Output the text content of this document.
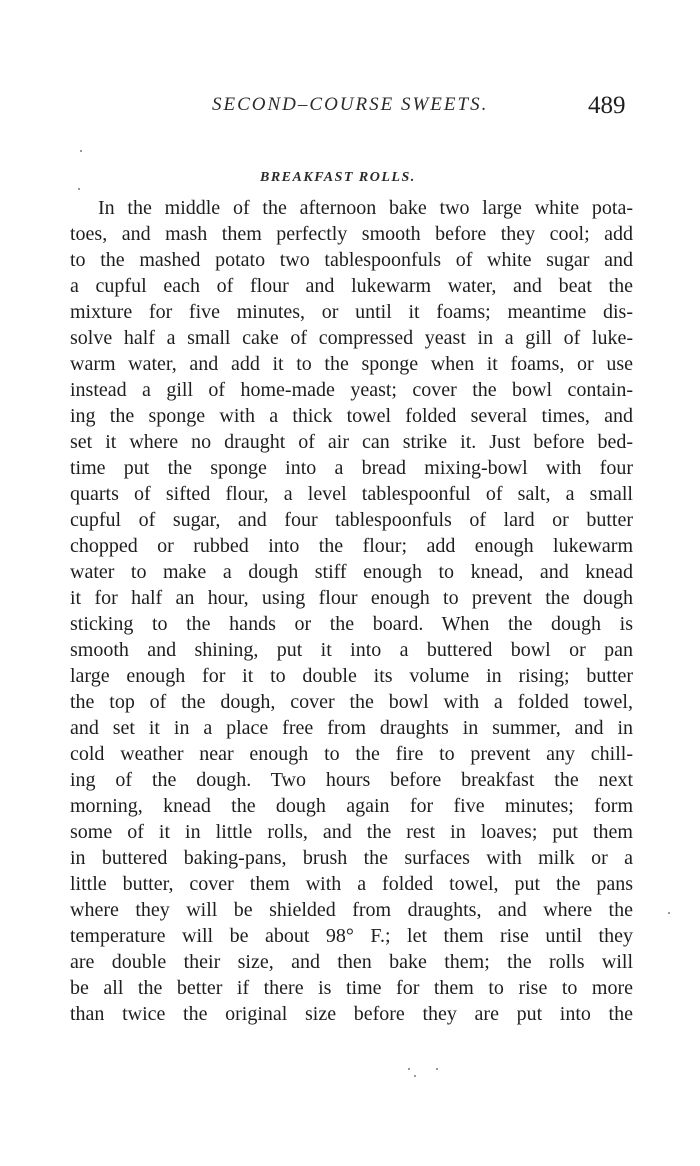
SECOND–COURSE SWEETS.	489
BREAKFAST ROLLS.
In the middle of the afternoon bake two large white pota-
toes, and mash them perfectly smooth before they cool; add
to the mashed potato two tablespoonfuls of white sugar and
a cupful each of flour and lukewarm water, and beat the
mixture for five minutes, or until it foams; meantime dis-
solve half a small cake of compressed yeast in a gill of luke-
warm water, and add it to the sponge when it foams, or use
instead a gill of home-made yeast; cover the bowl contain-
ing the sponge with a thick towel folded several times, and
set it where no draught of air can strike it. Just before bed-
time put the sponge into a bread mixing-bowl with four
quarts of sifted flour, a level tablespoonful of salt, a small
cupful of sugar, and four tablespoonfuls of lard or butter
chopped or rubbed into the flour; add enough lukewarm
water to make a dough stiff enough to knead, and knead
it for half an hour, using flour enough to prevent the dough
sticking to the hands or the board. When the dough is
smooth and shining, put it into a buttered bowl or pan
large enough for it to double its volume in rising; butter
the top of the dough, cover the bowl with a folded towel,
and set it in a place free from draughts in summer, and in
cold weather near enough to the fire to prevent any chill-
ing of the dough. Two hours before breakfast the next
morning, knead the dough again for five minutes; form
some of it in little rolls, and the rest in loaves; put them
in buttered baking-pans, brush the surfaces with milk or a
little butter, cover them with a folded towel, put the pans
where they will be shielded from draughts, and where the
temperature will be about 98° F.; let them rise until they
are double their size, and then bake them; the rolls will
be all the better if there is time for them to rise to more
than twice the original size before they are put into the
